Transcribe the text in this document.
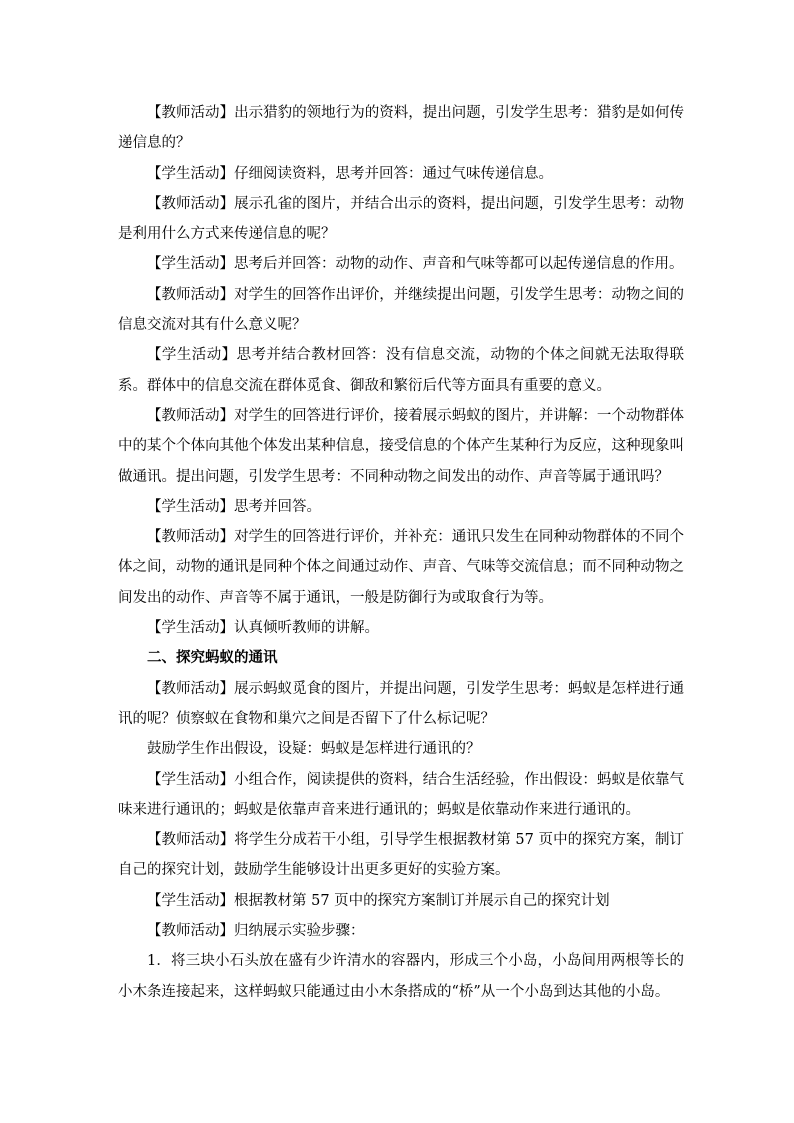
【教师活动】出示猎豹的领地行为的资料，提出问题，引发学生思考：猎豹是如何传递信息的？

【学生活动】仔细阅读资料，思考并回答：通过气味传递信息。

【教师活动】展示孔雀的图片，并结合出示的资料，提出问题，引发学生思考：动物是利用什么方式来传递信息的呢？

【学生活动】思考后并回答：动物的动作、声音和气味等都可以起传递信息的作用。

【教师活动】对学生的回答作出评价，并继续提出问题，引发学生思考：动物之间的信息交流对其有什么意义呢？

【学生活动】思考并结合教材回答：没有信息交流，动物的个体之间就无法取得联系。群体中的信息交流在群体觅食、御敌和繁衍后代等方面具有重要的意义。

【教师活动】对学生的回答进行评价，接着展示蚂蚁的图片，并讲解：一个动物群体中的某个个体向其他个体发出某种信息，接受信息的个体产生某种行为反应，这种现象叫做通讯。提出问题，引发学生思考：不同种动物之间发出的动作、声音等属于通讯吗？

【学生活动】思考并回答。

【教师活动】对学生的回答进行评价，并补充：通讯只发生在同种动物群体的不同个体之间，动物的通讯是同种个体之间通过动作、声音、气味等交流信息；而不同种动物之间发出的动作、声音等不属于通讯，一般是防御行为或取食行为等。

【学生活动】认真倾听教师的讲解。

二、探究蚂蚁的通讯

【教师活动】展示蚂蚁觅食的图片，并提出问题，引发学生思考：蚂蚁是怎样进行通讯的呢？侦察蚁在食物和巢穴之间是否留下了什么标记呢？

鼓励学生作出假设，设疑：蚂蚁是怎样进行通讯的？

【学生活动】小组合作，阅读提供的资料，结合生活经验，作出假设：蚂蚁是依靠气味来进行通讯的；蚂蚁是依靠声音来进行通讯的；蚂蚁是依靠动作来进行通讯的。

【教师活动】将学生分成若干小组，引导学生根据教材第 57 页中的探究方案，制订自己的探究计划，鼓励学生能够设计出更多更好的实验方案。

【学生活动】根据教材第 57 页中的探究方案制订并展示自己的探究计划

【教师活动】归纳展示实验步骤：

1．将三块小石头放在盛有少许清水的容器内，形成三个小岛，小岛间用两根等长的小木条连接起来，这样蚂蚁只能通过由小木条搭成的“桥”从一个小岛到达其他的小岛。
